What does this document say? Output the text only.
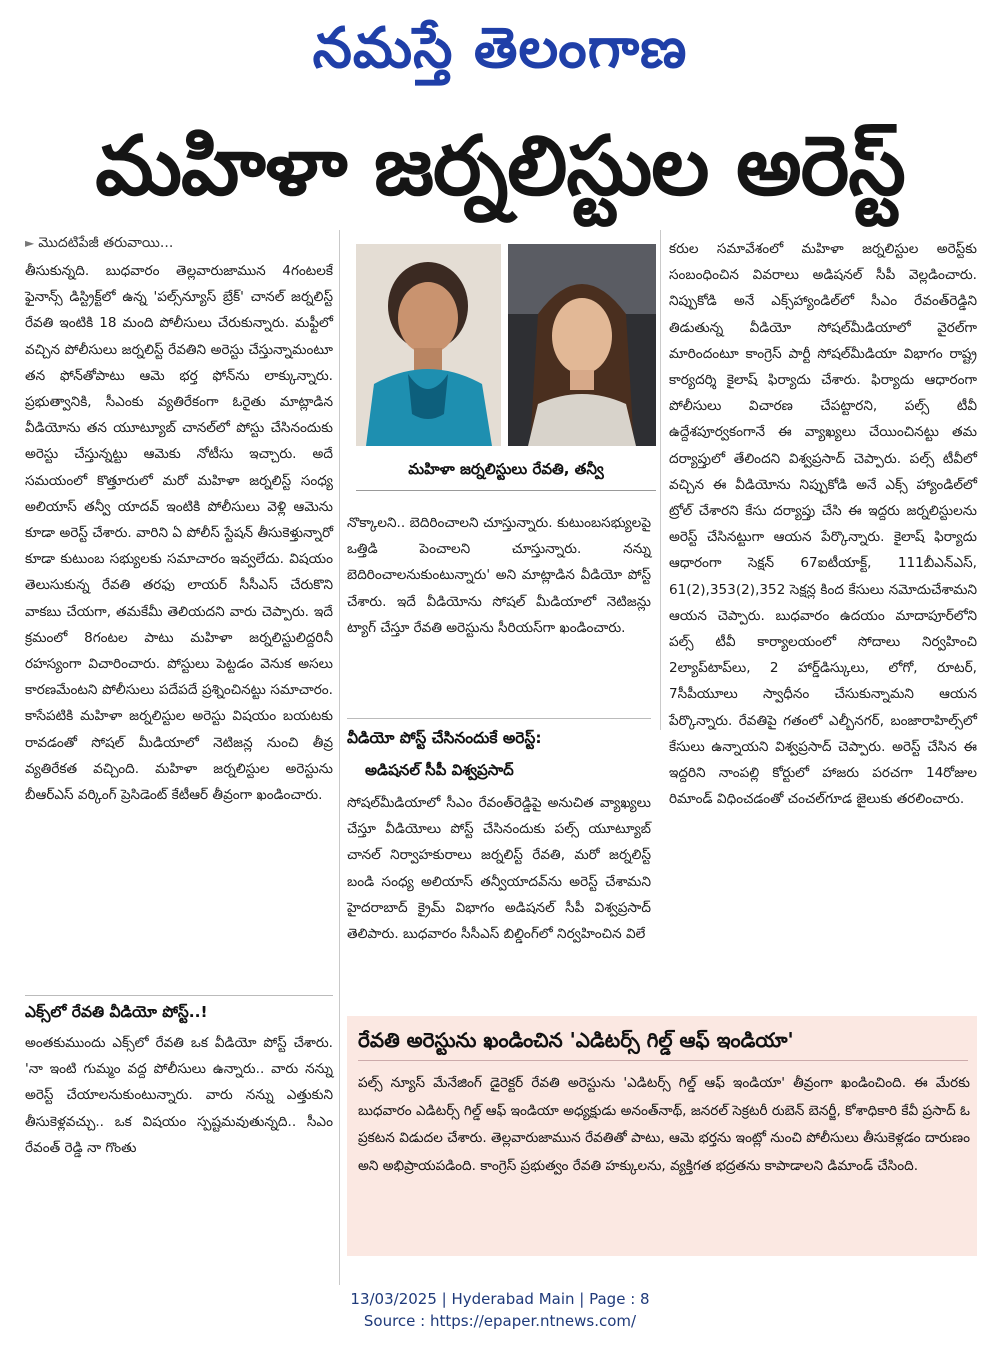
నమస్తే తెలంగాణ
మహిళా జర్నలిస్టుల అరెస్ట్
► మొదటిపేజీ తరువాయి...

తీసుకున్నది. బుధవారం తెల్లవారుజామున 4గంటలకే ఫైనాన్స్ డిస్ట్రిక్ట్‌లో ఉన్న 'పల్స్‌న్యూస్ బ్రేక్' చానల్ జర్నలిస్ట్ రేవతి ఇంటికి 18 మంది పోలీసులు చేరుకున్నారు. మఫ్టీలో వచ్చిన పోలీసులు జర్నలిస్ట్ రేవతిని అరెస్టు చేస్తున్నామంటూ తన ఫోన్‌తోపాటు ఆమె భర్త ఫోన్‌ను లాక్కున్నారు. ప్రభుత్వానికి, సీఎంకు వ్యతిరేకంగా ఓరైతు మాట్లాడిన వీడియోను తన యూట్యూబ్ చానల్‌లో పోస్టు చేసినందుకు అరెస్టు చేస్తున్నట్టు ఆమెకు నోటీసు ఇచ్చారు. అదే సమయంలో కొత్తూరులో మరో మహిళా జర్నలిస్ట్ సంధ్య అలియాస్ తన్వీ యాదవ్ ఇంటికి పోలీసులు వెళ్లి ఆమెను కూడా అరెస్ట్ చేశారు. వారిని ఏ పోలీస్ స్టేషన్ తీసుకెళ్తున్నారో కూడా కుటుంబ సభ్యులకు సమాచారం ఇవ్వలేదు. విషయం తెలుసుకున్న రేవతి తరఫు లాయర్ సీసీఎస్ చేరుకొని వాకబు చేయగా, తమకేమీ తెలియదని వారు చెప్పారు. ఇదే క్రమంలో 8గంటల పాటు మహిళా జర్నలిస్టులిద్దరినీ రహస్యంగా విచారించారు. పోస్టులు పెట్టడం వెనుక అసలు కారణమేంటని పోలీసులు పదేపదే ప్రశ్నించినట్టు సమాచారం. కాసేపటికి మహిళా జర్నలిస్టుల అరెస్టు విషయం బయటకు రావడంతో సోషల్ మీడియాలో నెటిజన్ల నుంచి తీవ్ర వ్యతిరేకత వచ్చింది. మహిళా జర్నలిస్టుల అరెస్టును బీఆర్‌ఎస్ వర్కింగ్ ప్రెసిడెంట్ కేటీఆర్ తీవ్రంగా ఖండించారు.

ఎక్స్‌లో రేవతి వీడియో పోస్ట్..!

అంతకుముందు ఎక్స్‌లో రేవతి ఒక వీడియో పోస్ట్ చేశారు. 'నా ఇంటి గుమ్మం వద్ద పోలీసులు ఉన్నారు.. వారు నన్ను అరెస్ట్ చేయాలనుకుంటున్నారు. వారు నన్ను ఎత్తుకుని తీసుకెళ్లవచ్చు.. ఒక విషయం స్పష్టమవుతున్నది.. సీఎం రేవంత్ రెడ్డి నా గొంతు

మహిళా జర్నలిస్టులు రేవతి, తన్వీ

నొక్కాలని.. బెదిరించాలని చూస్తున్నారు. కుటుంబసభ్యులపై ఒత్తిడి పెంచాలని చూస్తున్నారు. నన్ను బెదిరించాలనుకుంటున్నారు' అని మాట్లాడిన వీడియో పోస్ట్ చేశారు. ఇదే వీడియోను సోషల్ మీడియాలో నెటిజన్లు ట్యాగ్ చేస్తూ రేవతి అరెస్టును సీరియస్‌గా ఖండించారు.

వీడియో పోస్ట్ చేసినందుకే అరెస్ట్:
అడిషనల్ సీపీ విశ్వప్రసాద్

సోషల్‌మీడియాలో సీఎం రేవంత్‌రెడ్డిపై అనుచిత వ్యాఖ్యలు చేస్తూ వీడియోలు పోస్ట్ చేసినందుకు పల్స్ యూట్యూబ్ చానల్ నిర్వాహకురాలు జర్నలిస్ట్ రేవతి, మరో జర్నలిస్ట్ బండి సంధ్య అలియాస్ తన్వీయాదవ్‌ను అరెస్ట్ చేశామని హైదరాబాద్ క్రైమ్ విభాగం అడిషనల్ సీపీ విశ్వప్రసాద్ తెలిపారు. బుధవారం సీసీఎస్ బిల్డింగ్‌లో నిర్వహించిన విలే

కరుల సమావేశంలో మహిళా జర్నలిస్టుల అరెస్ట్‌కు సంబంధించిన వివరాలు అడిషనల్ సీపీ వెల్లడించారు. నిప్పుకోడి అనే ఎక్స్‌హ్యాండిల్‌లో సీఎం రేవంత్‌రెడ్డిని తిడుతున్న వీడియో సోషల్‌మీడియాలో వైరల్‌గా మారిందంటూ కాంగ్రెస్ పార్టీ సోషల్‌మీడియా విభాగం రాష్ట్ర కార్యదర్శి కైలాష్ ఫిర్యాదు చేశారు. ఫిర్యాదు ఆధారంగా పోలీసులు విచారణ చేపట్టారని, పల్స్ టీవీ ఉద్దేశపూర్వకంగానే ఈ వ్యాఖ్యలు చేయించినట్టు తమ దర్యాప్తులో తేలిందని విశ్వప్రసాద్ చెప్పారు. పల్స్ టీవీలో వచ్చిన ఈ వీడియోను నిప్పుకోడి అనే ఎక్స్ హ్యాండిల్‌లో ట్రోల్ చేశారని కేసు దర్యాప్తు చేసి ఈ ఇద్దరు జర్నలిస్టులను అరెస్ట్ చేసినట్టుగా ఆయన పేర్కొన్నారు. కైలాష్ ఫిర్యాదు ఆధారంగా సెక్షన్ 67ఐటీయాక్ట్, 111బీఎన్‌ఎస్, 61(2),353(2),352 సెక్షన్ల కింద కేసులు నమోదుచేశామని ఆయన చెప్పారు. బుధవారం ఉదయం మాదాపూర్‌లోని పల్స్ టీవీ కార్యాలయంలో సోదాలు నిర్వహించి 2ల్యాప్‌టాప్‌లు, 2 హార్డ్‌డిస్కులు, లోగో, రూటర్, 7సీపీయూలు స్వాధీనం చేసుకున్నామని ఆయన పేర్కొన్నారు. రేవతిపై గతంలో ఎల్బీనగర్, బంజారాహిల్స్‌లో కేసులు ఉన్నాయని విశ్వప్రసాద్ చెప్పారు. అరెస్ట్ చేసిన ఈ ఇద్దరిని నాంపల్లి కోర్టులో హాజరు పరచగా 14రోజుల రిమాండ్ విధించడంతో చంచల్‌గూడ జైలుకు తరలించారు.

రేవతి అరెస్టును ఖండించిన 'ఎడిటర్స్ గిల్డ్ ఆఫ్ ఇండియా'
పల్స్ న్యూస్ మేనేజింగ్ డైరెక్టర్ రేవతి అరెస్టును 'ఎడిటర్స్ గిల్డ్ ఆఫ్ ఇండియా' తీవ్రంగా ఖండించింది. ఈ మేరకు బుధవారం ఎడిటర్స్ గిల్డ్ ఆఫ్ ఇండియా అధ్యక్షుడు అనంత్‌నాథ్, జనరల్ సెక్రటరీ రుబెన్ బెనర్జీ, కోశాధికారి కేవీ ప్రసాద్ ఓ ప్రకటన విడుదల చేశారు. తెల్లవారుజామున రేవతితో పాటు, ఆమె భర్తను ఇంట్లో నుంచి పోలీసులు తీసుకెళ్లడం దారుణం అని అభిప్రాయపడింది. కాంగ్రెస్ ప్రభుత్వం రేవతి హక్కులను, వ్యక్తిగత భద్రతను కాపాడాలని డిమాండ్ చేసింది.
13/03/2025 | Hyderabad Main | Page : 8
Source : https://epaper.ntnews.com/
